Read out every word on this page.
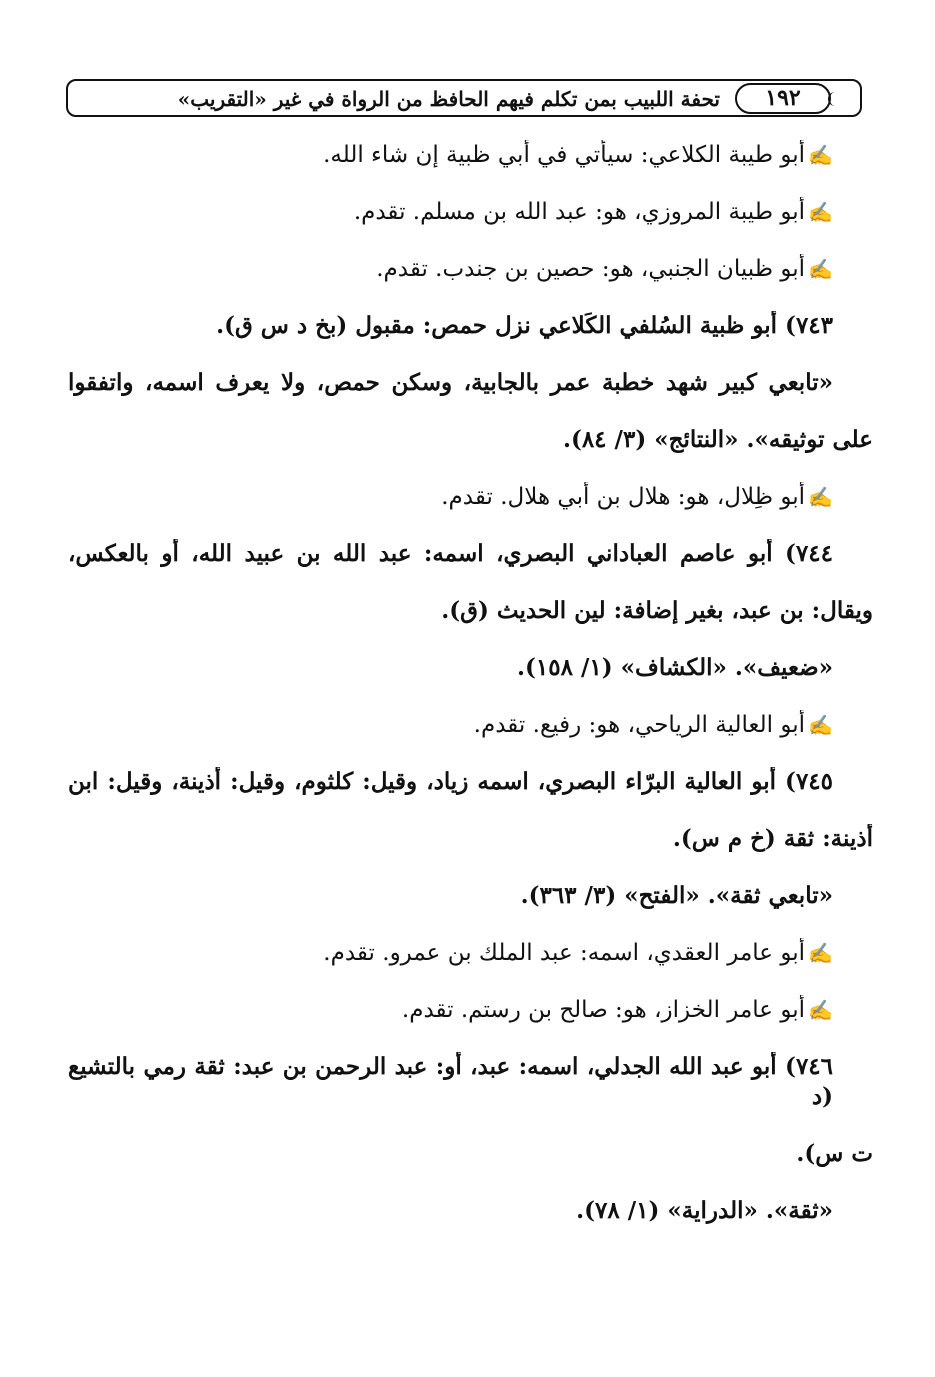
تحفة اللبيب بمن تكلم فيهم الحافظ من الرواة في غير «التقريب»	١٩٢
✍أبو طيبة الكلاعي: سيأتي في أبي ظبية إن شاء الله.
✍أبو طيبة المروزي، هو: عبد الله بن مسلم. تقدم.
✍أبو ظبيان الجنبي، هو: حصين بن جندب. تقدم.
٧٤٣) أبو ظبية السُلفي الكَلاعي نزل حمص: مقبول (بخ د س ق).
«تابعي كبير شهد خطبة عمر بالجابية، وسكن حمص، ولا يعرف اسمه، واتفقوا
على توثيقه». «النتائج» (٣/ ٨٤).
✍أبو ظِلال، هو: هلال بن أبي هلال. تقدم.
٧٤٤) أبو عاصم العباداني البصري، اسمه: عبد الله بن عبيد الله، أو بالعكس،
ويقال: بن عبد، بغير إضافة: لين الحديث (ق).
«ضعيف». «الكشاف» (١/ ١٥٨).
✍أبو العالية الرياحي، هو: رفيع. تقدم.
٧٤٥) أبو العالية البرّاء البصري، اسمه زياد، وقيل: كلثوم، وقيل: أذينة، وقيل: ابن
أذينة: ثقة (خ م س).
«تابعي ثقة». «الفتح» (٣/ ٣٦٣).
✍أبو عامر العقدي، اسمه: عبد الملك بن عمرو. تقدم.
✍أبو عامر الخزاز، هو: صالح بن رستم. تقدم.
٧٤٦) أبو عبد الله الجدلي، اسمه: عبد، أو: عبد الرحمن بن عبد: ثقة رمي بالتشيع (د
ت س).
«ثقة». «الدراية» (١/ ٧٨).
